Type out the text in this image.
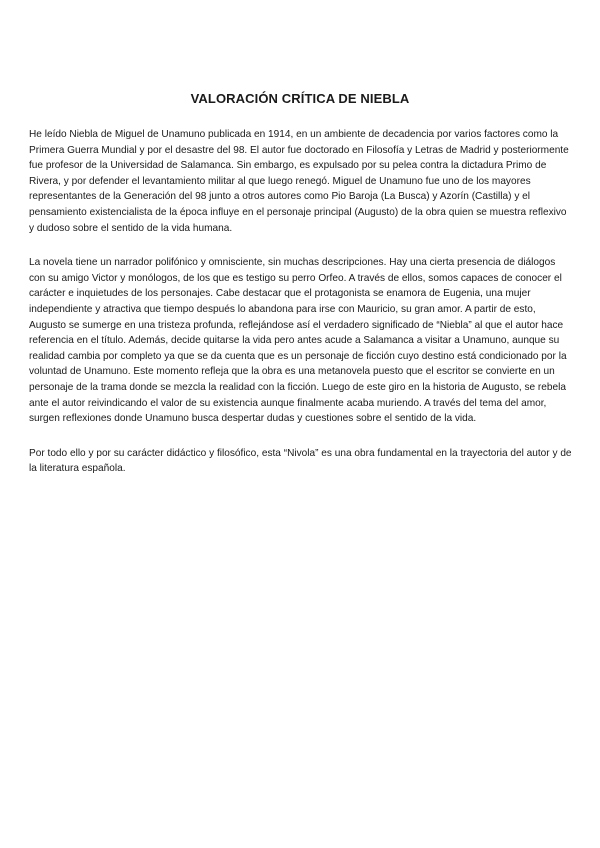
VALORACIÓN CRÍTICA DE NIEBLA

He leído Niebla de Miguel de Unamuno publicada en 1914, en un ambiente de decadencia por varios factores como la Primera Guerra Mundial y por el desastre del 98. El autor fue doctorado en Filosofía y Letras de Madrid y posteriormente fue profesor de la Universidad de Salamanca. Sin embargo, es expulsado por su pelea contra la dictadura Primo de Rivera, y por defender el levantamiento militar al que luego renegó. Miguel de Unamuno fue uno de los mayores representantes de la Generación del 98 junto a otros autores como Pio Baroja (La Busca) y Azorín (Castilla) y el pensamiento existencialista de la época influye en el personaje principal (Augusto) de la obra quien se muestra reflexivo y dudoso sobre el sentido de la vida humana.

La novela tiene un narrador polifónico y omnisciente, sin muchas descripciones. Hay una cierta presencia de diálogos con su amigo Victor y monólogos, de los que es testigo su perro Orfeo. A través de ellos, somos capaces de conocer el carácter e inquietudes de los personajes. Cabe destacar que el protagonista se enamora de Eugenia, una mujer independiente y atractiva que tiempo después lo abandona para irse con Mauricio, su gran amor. A partir de esto, Augusto se sumerge en una tristeza profunda, reflejándose así el verdadero significado de “Niebla” al que el autor hace referencia en el título. Además, decide quitarse la vida pero antes acude a Salamanca a visitar a Unamuno, aunque su realidad cambia por completo ya que se da cuenta que es un personaje de ficción cuyo destino está condicionado por la voluntad de Unamuno. Este momento refleja que la obra es una metanovela puesto que el escritor se convierte en un personaje de la trama donde se mezcla la realidad con la ficción. Luego de este giro en la historia de Augusto, se rebela ante el autor reivindicando el valor de su existencia aunque finalmente acaba muriendo. A través del tema del amor, surgen reflexiones donde Unamuno busca despertar dudas y cuestiones sobre el sentido de la vida.

Por todo ello y por su carácter didáctico y filosófico, esta “Nivola” es una obra fundamental en la trayectoria del autor y de la literatura española.
